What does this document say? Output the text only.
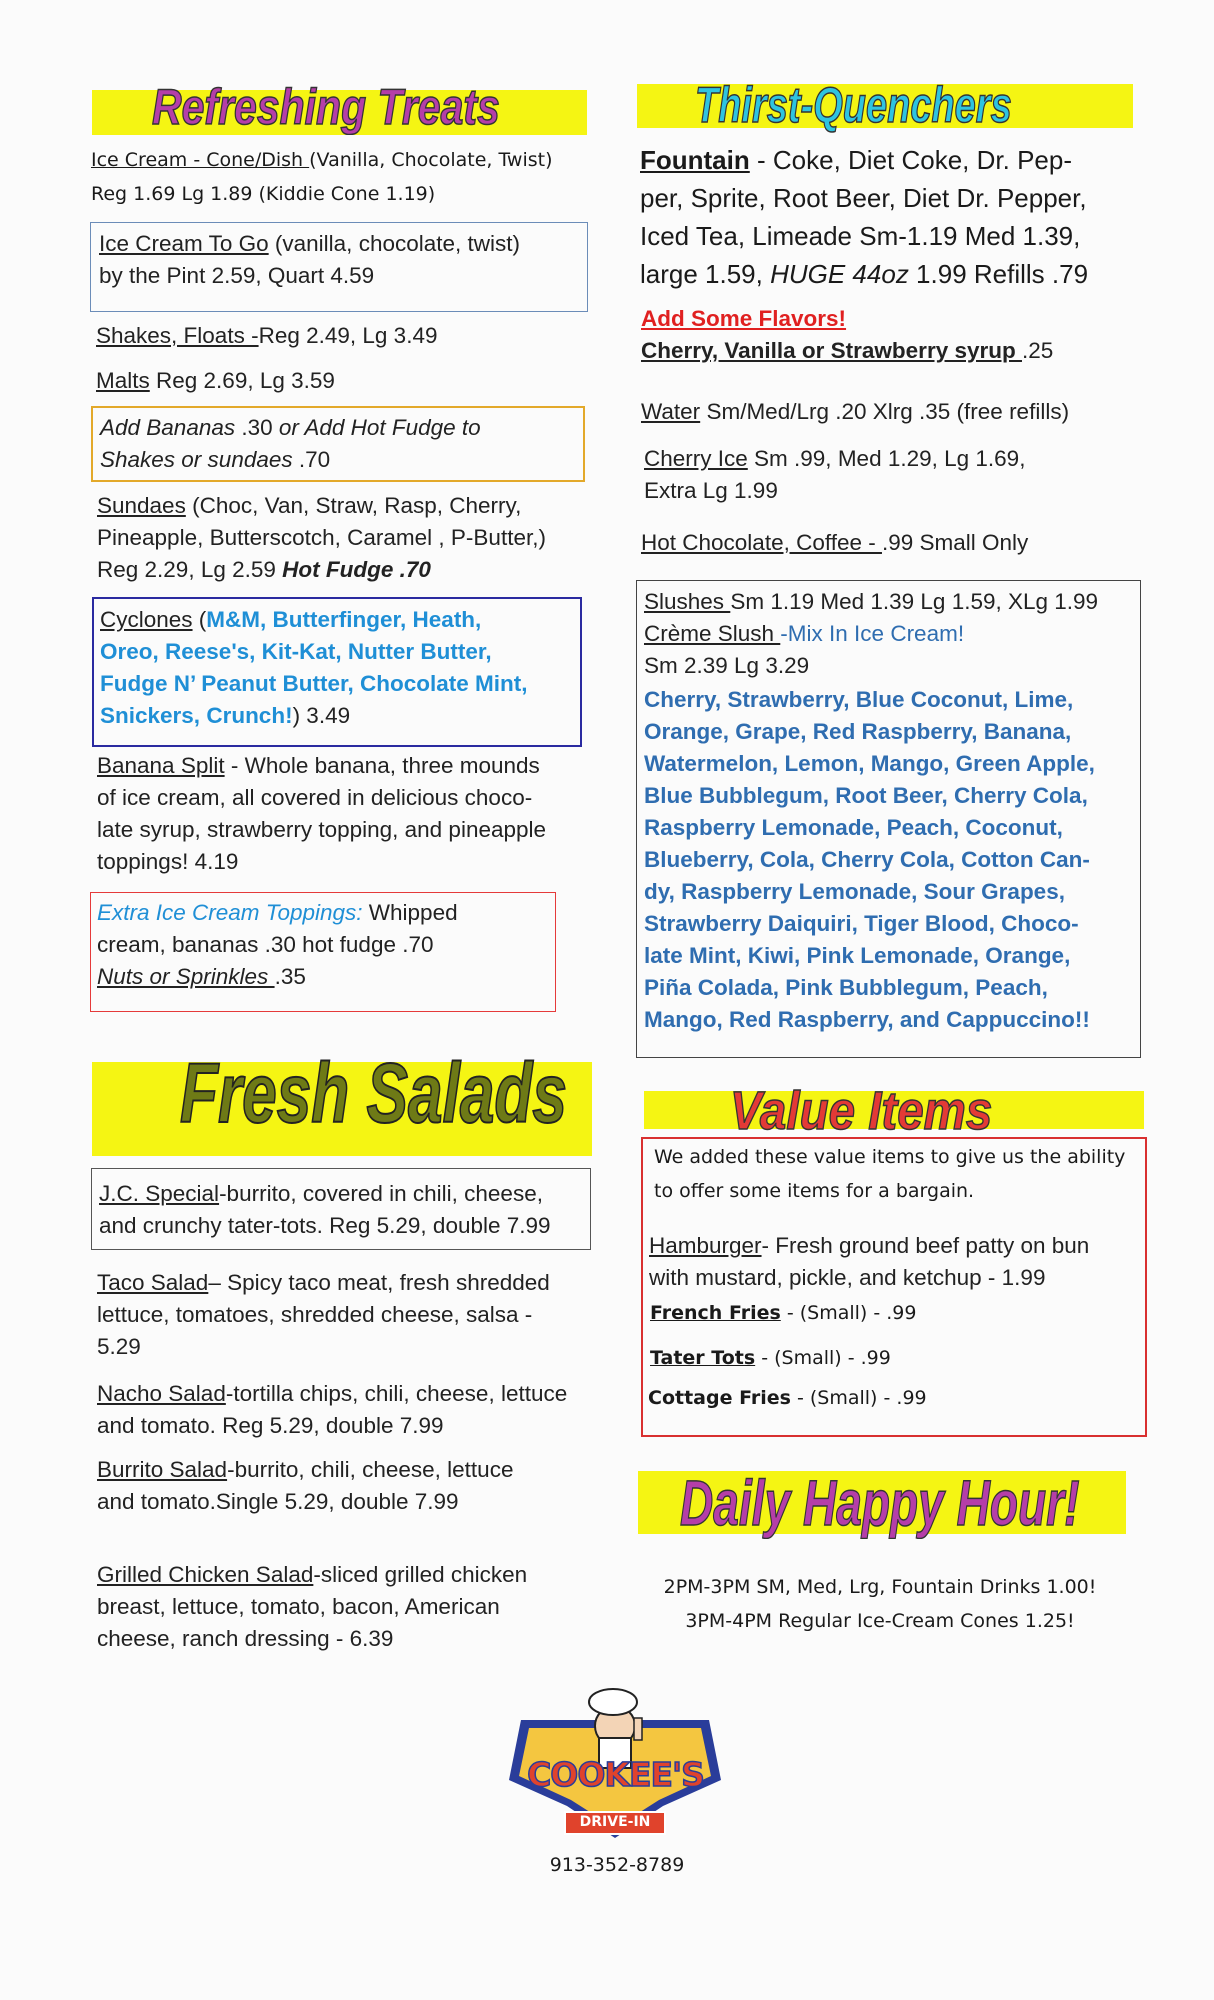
Refreshing Treats
Ice Cream - Cone/Dish (Vanilla, Chocolate, Twist)
Reg 1.69 Lg 1.89 (Kiddie Cone 1.19)
Ice Cream To Go (vanilla, chocolate, twist)
by the Pint 2.59, Quart 4.59
Shakes, Floats -Reg 2.49, Lg 3.49
Malts Reg 2.69, Lg 3.59
Add Bananas .30 or Add Hot Fudge to
Shakes or sundaes .70
Sundaes (Choc, Van, Straw, Rasp, Cherry,
Pineapple, Butterscotch, Caramel , P-Butter,)
Reg 2.29, Lg 2.59 Hot Fudge .70
Cyclones (M&M, Butterfinger, Heath,
Oreo, Reese's, Kit-Kat, Nutter Butter,
Fudge N’ Peanut Butter, Chocolate Mint,
Snickers, Crunch!) 3.49
Banana Split - Whole banana, three mounds
of ice cream, all covered in delicious choco-
late syrup, strawberry topping, and pineapple
toppings! 4.19
Extra Ice Cream Toppings: Whipped
cream, bananas .30 hot fudge .70
Nuts or Sprinkles .35
Fresh Salads
J.C. Special-burrito, covered in chili, cheese,
and crunchy tater-tots. Reg 5.29, double 7.99
Taco Salad– Spicy taco meat, fresh shredded
lettuce, tomatoes, shredded cheese, salsa -
5.29
Nacho Salad-tortilla chips, chili, cheese, lettuce
and tomato. Reg 5.29, double 7.99
Burrito Salad-burrito, chili, cheese, lettuce
and tomato.Single 5.29, double 7.99
Grilled Chicken Salad-sliced grilled chicken
breast, lettuce, tomato, bacon, American
cheese, ranch dressing - 6.39
Thirst-Quenchers
Fountain - Coke, Diet Coke, Dr. Pep-
per, Sprite, Root Beer, Diet Dr. Pepper,
Iced Tea, Limeade Sm-1.19 Med 1.39,
large 1.59, HUGE 44oz 1.99 Refills .79
Add Some Flavors!
Cherry, Vanilla or Strawberry syrup .25
Water Sm/Med/Lrg .20 Xlrg .35 (free refills)
Cherry Ice Sm .99, Med 1.29, Lg 1.69,
Extra Lg 1.99
Hot Chocolate, Coffee - .99 Small Only
Slushes Sm 1.19 Med 1.39 Lg 1.59, XLg 1.99
Crème Slush -Mix In Ice Cream!
Sm 2.39 Lg 3.29
Cherry, Strawberry, Blue Coconut, Lime,
Orange, Grape, Red Raspberry, Banana,
Watermelon, Lemon, Mango, Green Apple,
Blue Bubblegum, Root Beer, Cherry Cola,
Raspberry Lemonade, Peach, Coconut,
Blueberry, Cola, Cherry Cola, Cotton Can-
dy, Raspberry Lemonade, Sour Grapes,
Strawberry Daiquiri, Tiger Blood, Choco-
late Mint, Kiwi, Pink Lemonade, Orange,
Piña Colada, Pink Bubblegum, Peach,
Mango, Red Raspberry, and Cappuccino!!
Value Items
We added these value items to give us the ability
to offer some items for a bargain.
Hamburger- Fresh ground beef patty on bun
with mustard, pickle, and ketchup - 1.99
French Fries - (Small) - .99
Tater Tots - (Small) - .99
Cottage Fries - (Small) - .99
Daily Happy Hour!
2PM-3PM SM, Med, Lrg, Fountain Drinks 1.00!
3PM-4PM Regular Ice-Cream Cones 1.25!
COOKEE'S
DRIVE-IN
913-352-8789
